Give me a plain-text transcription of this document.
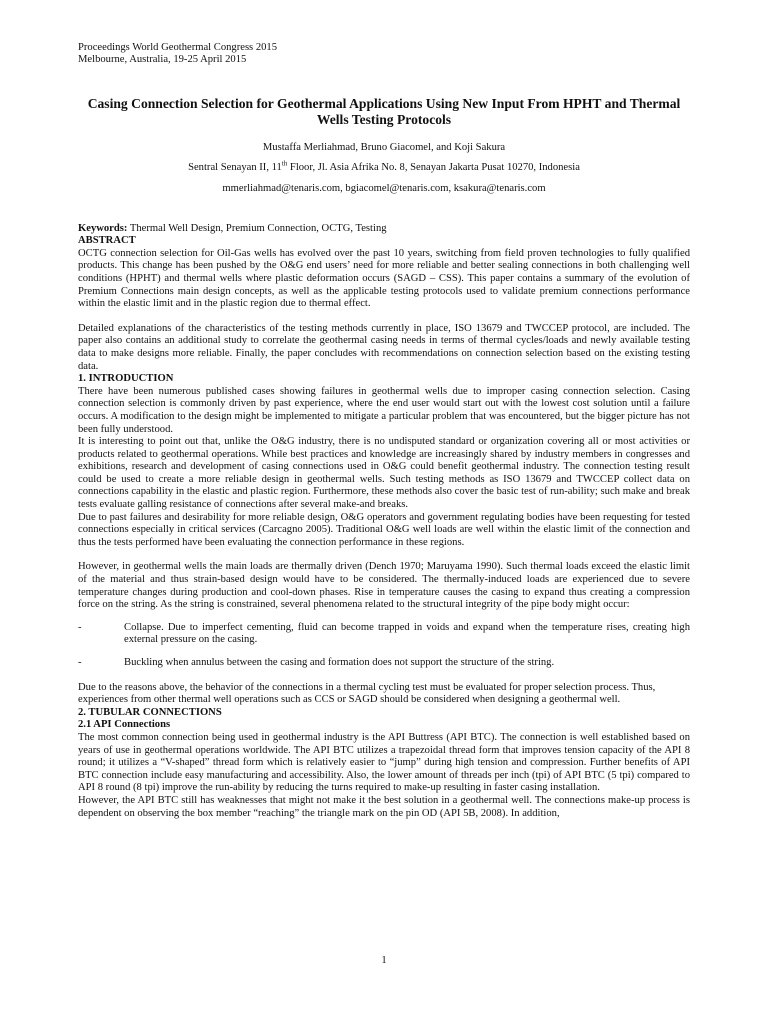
Proceedings World Geothermal Congress 2015
Melbourne, Australia, 19-25 April 2015
Casing Connection Selection for Geothermal Applications Using New Input From HPHT and Thermal Wells Testing Protocols
Mustaffa Merliahmad, Bruno Giacomel, and Koji Sakura
Sentral Senayan II, 11th Floor, Jl. Asia Afrika No. 8, Senayan Jakarta Pusat 10270, Indonesia
mmerliahmad@tenaris.com, bgiacomel@tenaris.com, ksakura@tenaris.com
Keywords: Thermal Well Design, Premium Connection, OCTG, Testing
ABSTRACT

OCTG connection selection for Oil-Gas wells has evolved over the past 10 years, switching from field proven technologies to fully qualified products. This change has been pushed by the O&G end users’ need for more reliable and better sealing connections in both challenging well conditions (HPHT) and thermal wells where plastic deformation occurs (SAGD – CSS). This paper contains a summary of the evolution of Premium Connections main design concepts, as well as the applicable testing protocols used to validate premium connections performance within the elastic limit and in the plastic region due to thermal effect.

Detailed explanations of the characteristics of the testing methods currently in place, ISO 13679 and TWCCEP protocol, are included. The paper also contains an additional study to correlate the geothermal casing needs in terms of thermal cycles/loads and newly available testing data to make designs more reliable. Finally, the paper concludes with recommendations on connection selection based on the existing testing data.

1. INTRODUCTION

There have been numerous published cases showing failures in geothermal wells due to improper casing connection selection. Casing connection selection is commonly driven by past experience, where the end user would start out with the lowest cost solution until a failure occurs. A modification to the design might be implemented to mitigate a particular problem that was encountered, but the bigger picture has not been fully understood.

It is interesting to point out that, unlike the O&G industry, there is no undisputed standard or organization covering all or most activities or products related to geothermal operations. While best practices and knowledge are increasingly shared by industry members in congresses and exhibitions, research and development of casing connections used in O&G could benefit geothermal industry. The connection testing result could be used to create a more reliable design in geothermal wells. Such testing methods as ISO 13679 and TWCCEP collect data on connections capability in the elastic and plastic region. Furthermore, these methods also cover the basic test of run-ability; such make and break tests evaluate galling resistance of connections after several make-and breaks.

Due to past failures and desirability for more reliable design, O&G operators and government regulating bodies have been requesting for tested connections especially in critical services (Carcagno 2005). Traditional O&G well loads are well within the elastic limit of the connection and thus the tests performed have been evaluating the connection performance in these regions.

However, in geothermal wells the main loads are thermally driven (Dench 1970; Maruyama 1990). Such thermal loads exceed the elastic limit of the material and thus strain-based design would have to be considered. The thermally-induced loads are experienced due to severe temperature changes during production and cool-down phases. Rise in temperature causes the casing to expand thus creating a compression force on the string. As the string is constrained, several phenomena related to the structural integrity of the pipe body might occur:

-	Collapse. Due to imperfect cementing, fluid can become trapped in voids and expand when the temperature rises, creating high external pressure on the casing.
-	Buckling when annulus between the casing and formation does not support the structure of the string.

Due to the reasons above, the behavior of the connections in a thermal cycling test must be evaluated for proper selection process. Thus, experiences from other thermal well operations such as CCS or SAGD should be considered when designing a geothermal well.

2. TUBULAR CONNECTIONS
2.1 API Connections

The most common connection being used in geothermal industry is the API Buttress (API BTC). The connection is well established based on years of use in geothermal operations worldwide. The API BTC utilizes a trapezoidal thread form that improves tension capacity of the API 8 round; it utilizes a “V-shaped” thread form which is relatively easier to “jump” during high tension and compression. Further benefits of API BTC connection include easy manufacturing and accessibility. Also, the lower amount of threads per inch (tpi) of API BTC (5 tpi) compared to API 8 round (8 tpi) improve the run-ability by reducing the turns required to make-up resulting in faster casing installation.

However, the API BTC still has weaknesses that might not make it the best solution in a geothermal well. The connections make-up process is dependent on observing the box member “reaching” the triangle mark on the pin OD (API 5B, 2008). In addition,

1
